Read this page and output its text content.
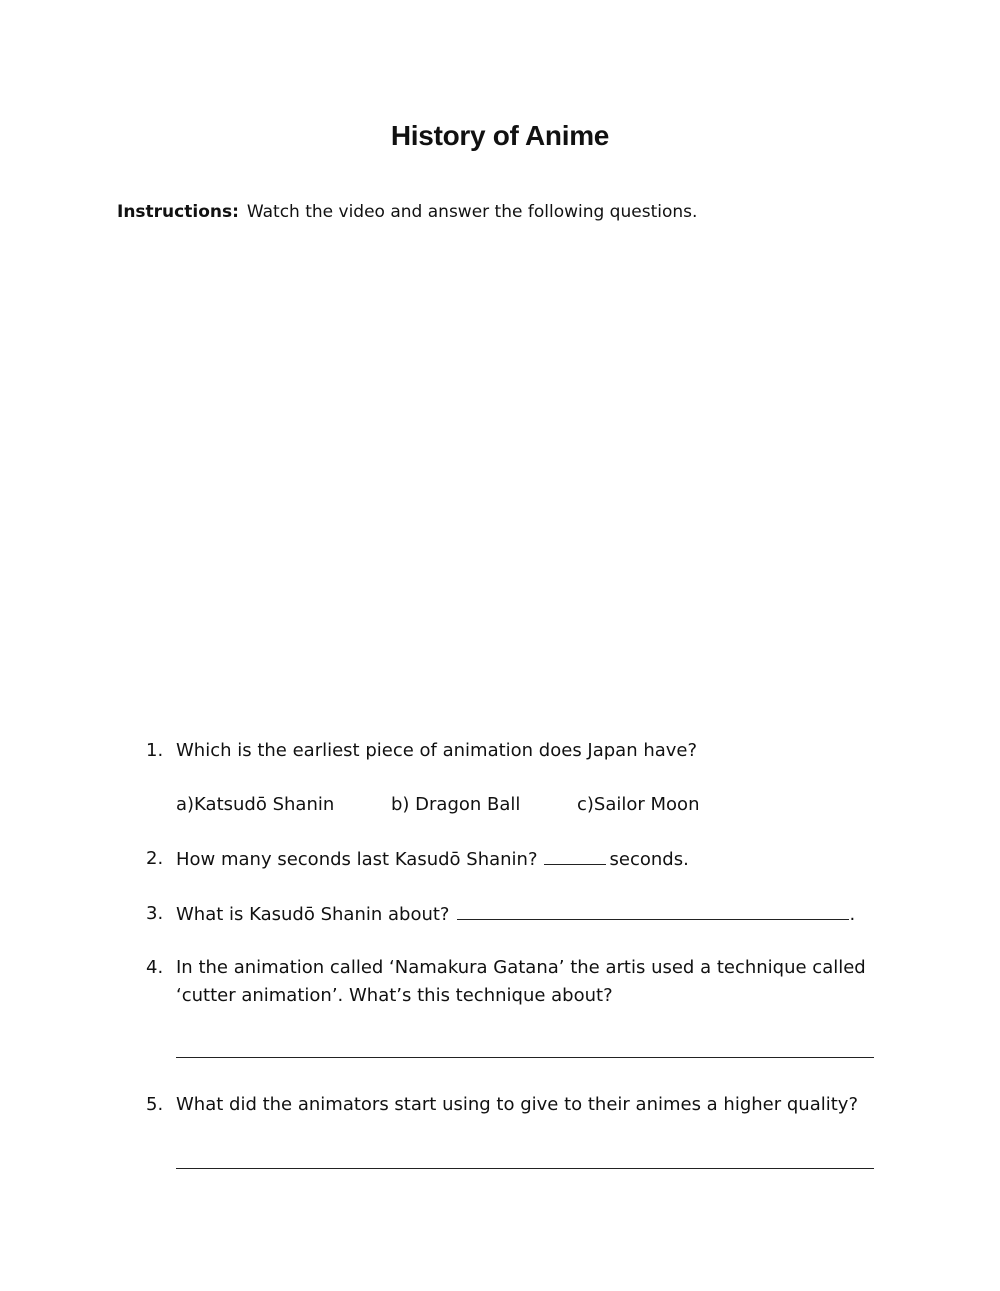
History of Anime
Instructions: Watch the video and answer the following questions.
1. Which is the earliest piece of animation does Japan have?
a)Katsudō Shanin	b) Dragon Ball	c)Sailor Moon
2. How many seconds last Kasudō Shanin?	seconds.
3. What is Kasudō Shanin about?	.
4. In the animation called ‘Namakura Gatana’ the artis used a technique called
‘cutter animation’. What’s this technique about?
5. What did the animators start using to give to their animes a higher quality?
